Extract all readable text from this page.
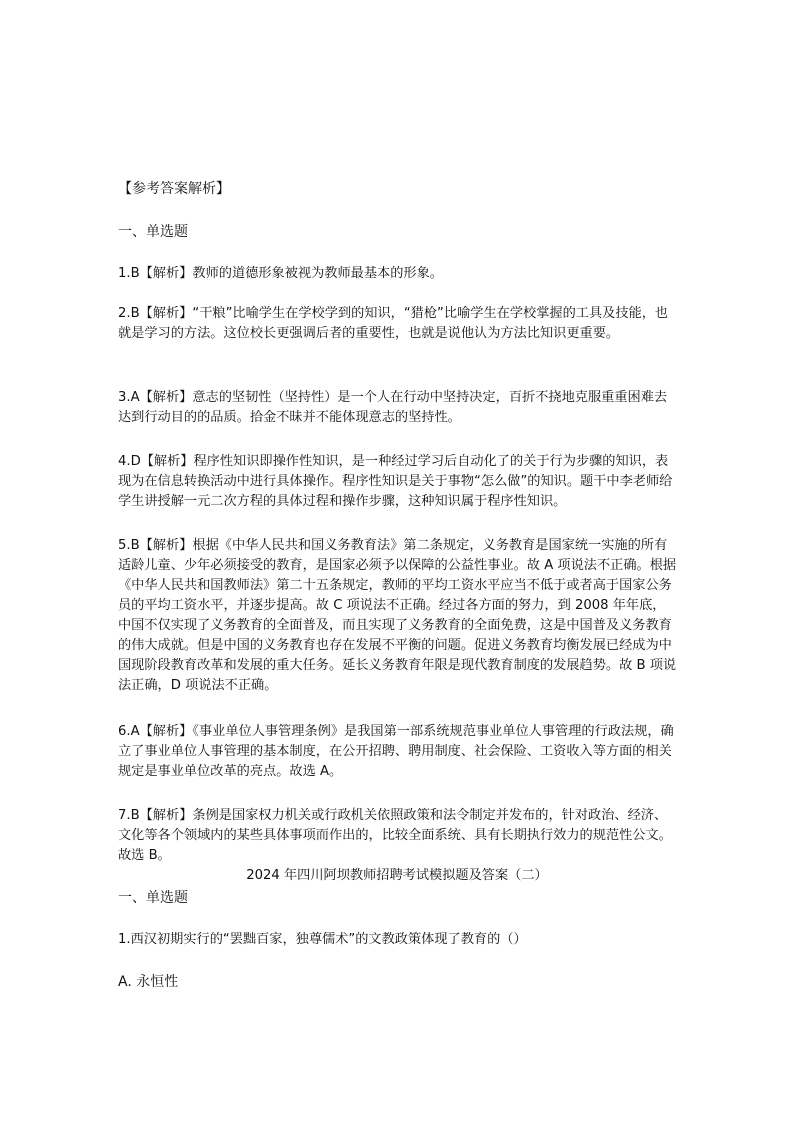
【参考答案解析】
一、单选题

1.B【解析】教师的道德形象被视为教师最基本的形象。

2.B【解析】“干粮”比喻学生在学校学到的知识，“猎枪”比喻学生在学校掌握的工具及技能，也就是学习的方法。这位校长更强调后者的重要性，也就是说他认为方法比知识更重要。

3.A【解析】意志的坚韧性（坚持性）是一个人在行动中坚持决定，百折不挠地克服重重困难去达到行动目的的品质。拾金不昧并不能体现意志的坚持性。

4.D【解析】程序性知识即操作性知识，是一种经过学习后自动化了的关于行为步骤的知识，表现为在信息转换活动中进行具体操作。程序性知识是关于事物“怎么做”的知识。题干中李老师给学生讲授解一元二次方程的具体过程和操作步骤，这种知识属于程序性知识。

5.B【解析】根据《中华人民共和国义务教育法》第二条规定，义务教育是国家统一实施的所有适龄儿童、少年必须接受的教育，是国家必须予以保障的公益性事业。故 A 项说法不正确。根据《中华人民共和国教师法》第二十五条规定，教师的平均工资水平应当不低于或者高于国家公务员的平均工资水平，并逐步提高。故 C 项说法不正确。经过各方面的努力，到 2008 年年底，中国不仅实现了义务教育的全面普及，而且实现了义务教育的全面免费，这是中国普及义务教育的伟大成就。但是中国的义务教育也存在发展不平衡的问题。促进义务教育均衡发展已经成为中国现阶段教育改革和发展的重大任务。延长义务教育年限是现代教育制度的发展趋势。故 B 项说法正确，D 项说法不正确。

6.A【解析】《事业单位人事管理条例》是我国第一部系统规范事业单位人事管理的行政法规，确立了事业单位人事管理的基本制度，在公开招聘、聘用制度、社会保险、工资收入等方面的相关规定是事业单位改革的亮点。故选 A。

7.B【解析】条例是国家权力机关或行政机关依照政策和法令制定并发布的，针对政治、经济、文化等各个领域内的某些具体事项而作出的，比较全面系统、具有长期执行效力的规范性公文。故选 B。

2024 年四川阿坝教师招聘考试模拟题及答案（二）
一、单选题

1.西汉初期实行的“罢黜百家，独尊儒术”的文教政策体现了教育的（）

A. 永恒性
